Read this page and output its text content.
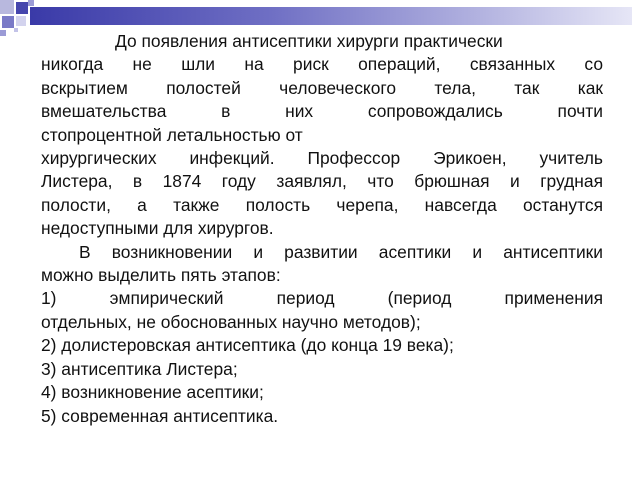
До появления антисептики хирурги практически
никогда не шли на риск операций, связанных со
вскрытием полостей человеческого тела, так как
вмешательства в них сопровождались почти
стопроцентной летальностью от
хирургических инфекций. Профессор Эрикоен, учитель
Листера, в 1874 году заявлял, что брюшная и грудная
полости, а также полость черепа, навсегда останутся
недоступными для хирургов.
В возникновении и развитии асептики и антисептики
можно выделить пять этапов:
1) эмпирический период (период применения
отдельных, не обоснованных научно методов);
2) долистеровская антисептика (до конца 19 века);
3) антисептика Листера;
4) возникновение асептики;
5) современная антисептика.
